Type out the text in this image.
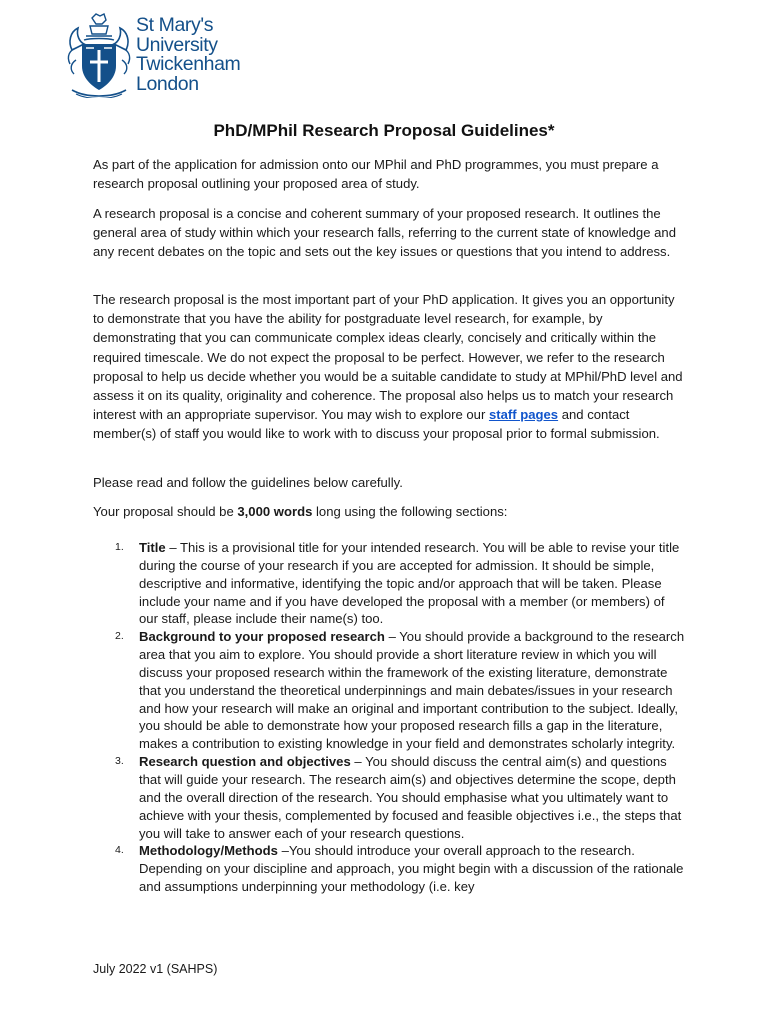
St Mary's
University
Twickenham
London
PhD/MPhil Research Proposal Guidelines*
As part of the application for admission onto our MPhil and PhD programmes, you must prepare a research proposal outlining your proposed area of study.
A research proposal is a concise and coherent summary of your proposed research. It outlines the general area of study within which your research falls, referring to the current state of knowledge and any recent debates on the topic and sets out the key issues or questions that you intend to address.
The research proposal is the most important part of your PhD application. It gives you an opportunity to demonstrate that you have the ability for postgraduate level research, for example, by demonstrating that you can communicate complex ideas clearly, concisely and critically within the required timescale. We do not expect the proposal to be perfect. However, we refer to the research proposal to help us decide whether you would be a suitable candidate to study at MPhil/PhD level and assess it on its quality, originality and coherence. The proposal also helps us to match your research interest with an appropriate supervisor. You may wish to explore our staff pages and contact member(s) of staff you would like to work with to discuss your proposal prior to formal submission.
Please read and follow the guidelines below carefully.
Your proposal should be 3,000 words long using the following sections:
1. Title – This is a provisional title for your intended research. You will be able to revise your title during the course of your research if you are accepted for admission. It should be simple, descriptive and informative, identifying the topic and/or approach that will be taken. Please include your name and if you have developed the proposal with a member (or members) of our staff, please include their name(s) too.
2. Background to your proposed research – You should provide a background to the research area that you aim to explore. You should provide a short literature review in which you will discuss your proposed research within the framework of the existing literature, demonstrate that you understand the theoretical underpinnings and main debates/issues in your research and how your research will make an original and important contribution to the subject. Ideally, you should be able to demonstrate how your proposed research fills a gap in the literature, makes a contribution to existing knowledge in your field and demonstrates scholarly integrity.
3. Research question and objectives – You should discuss the central aim(s) and questions that will guide your research. The research aim(s) and objectives determine the scope, depth and the overall direction of the research. You should emphasise what you ultimately want to achieve with your thesis, complemented by focused and feasible objectives i.e., the steps that you will take to answer each of your research questions.
4. Methodology/Methods –You should introduce your overall approach to the research. Depending on your discipline and approach, you might begin with a discussion of the rationale and assumptions underpinning your methodology (i.e. key
July 2022 v1 (SAHPS)
